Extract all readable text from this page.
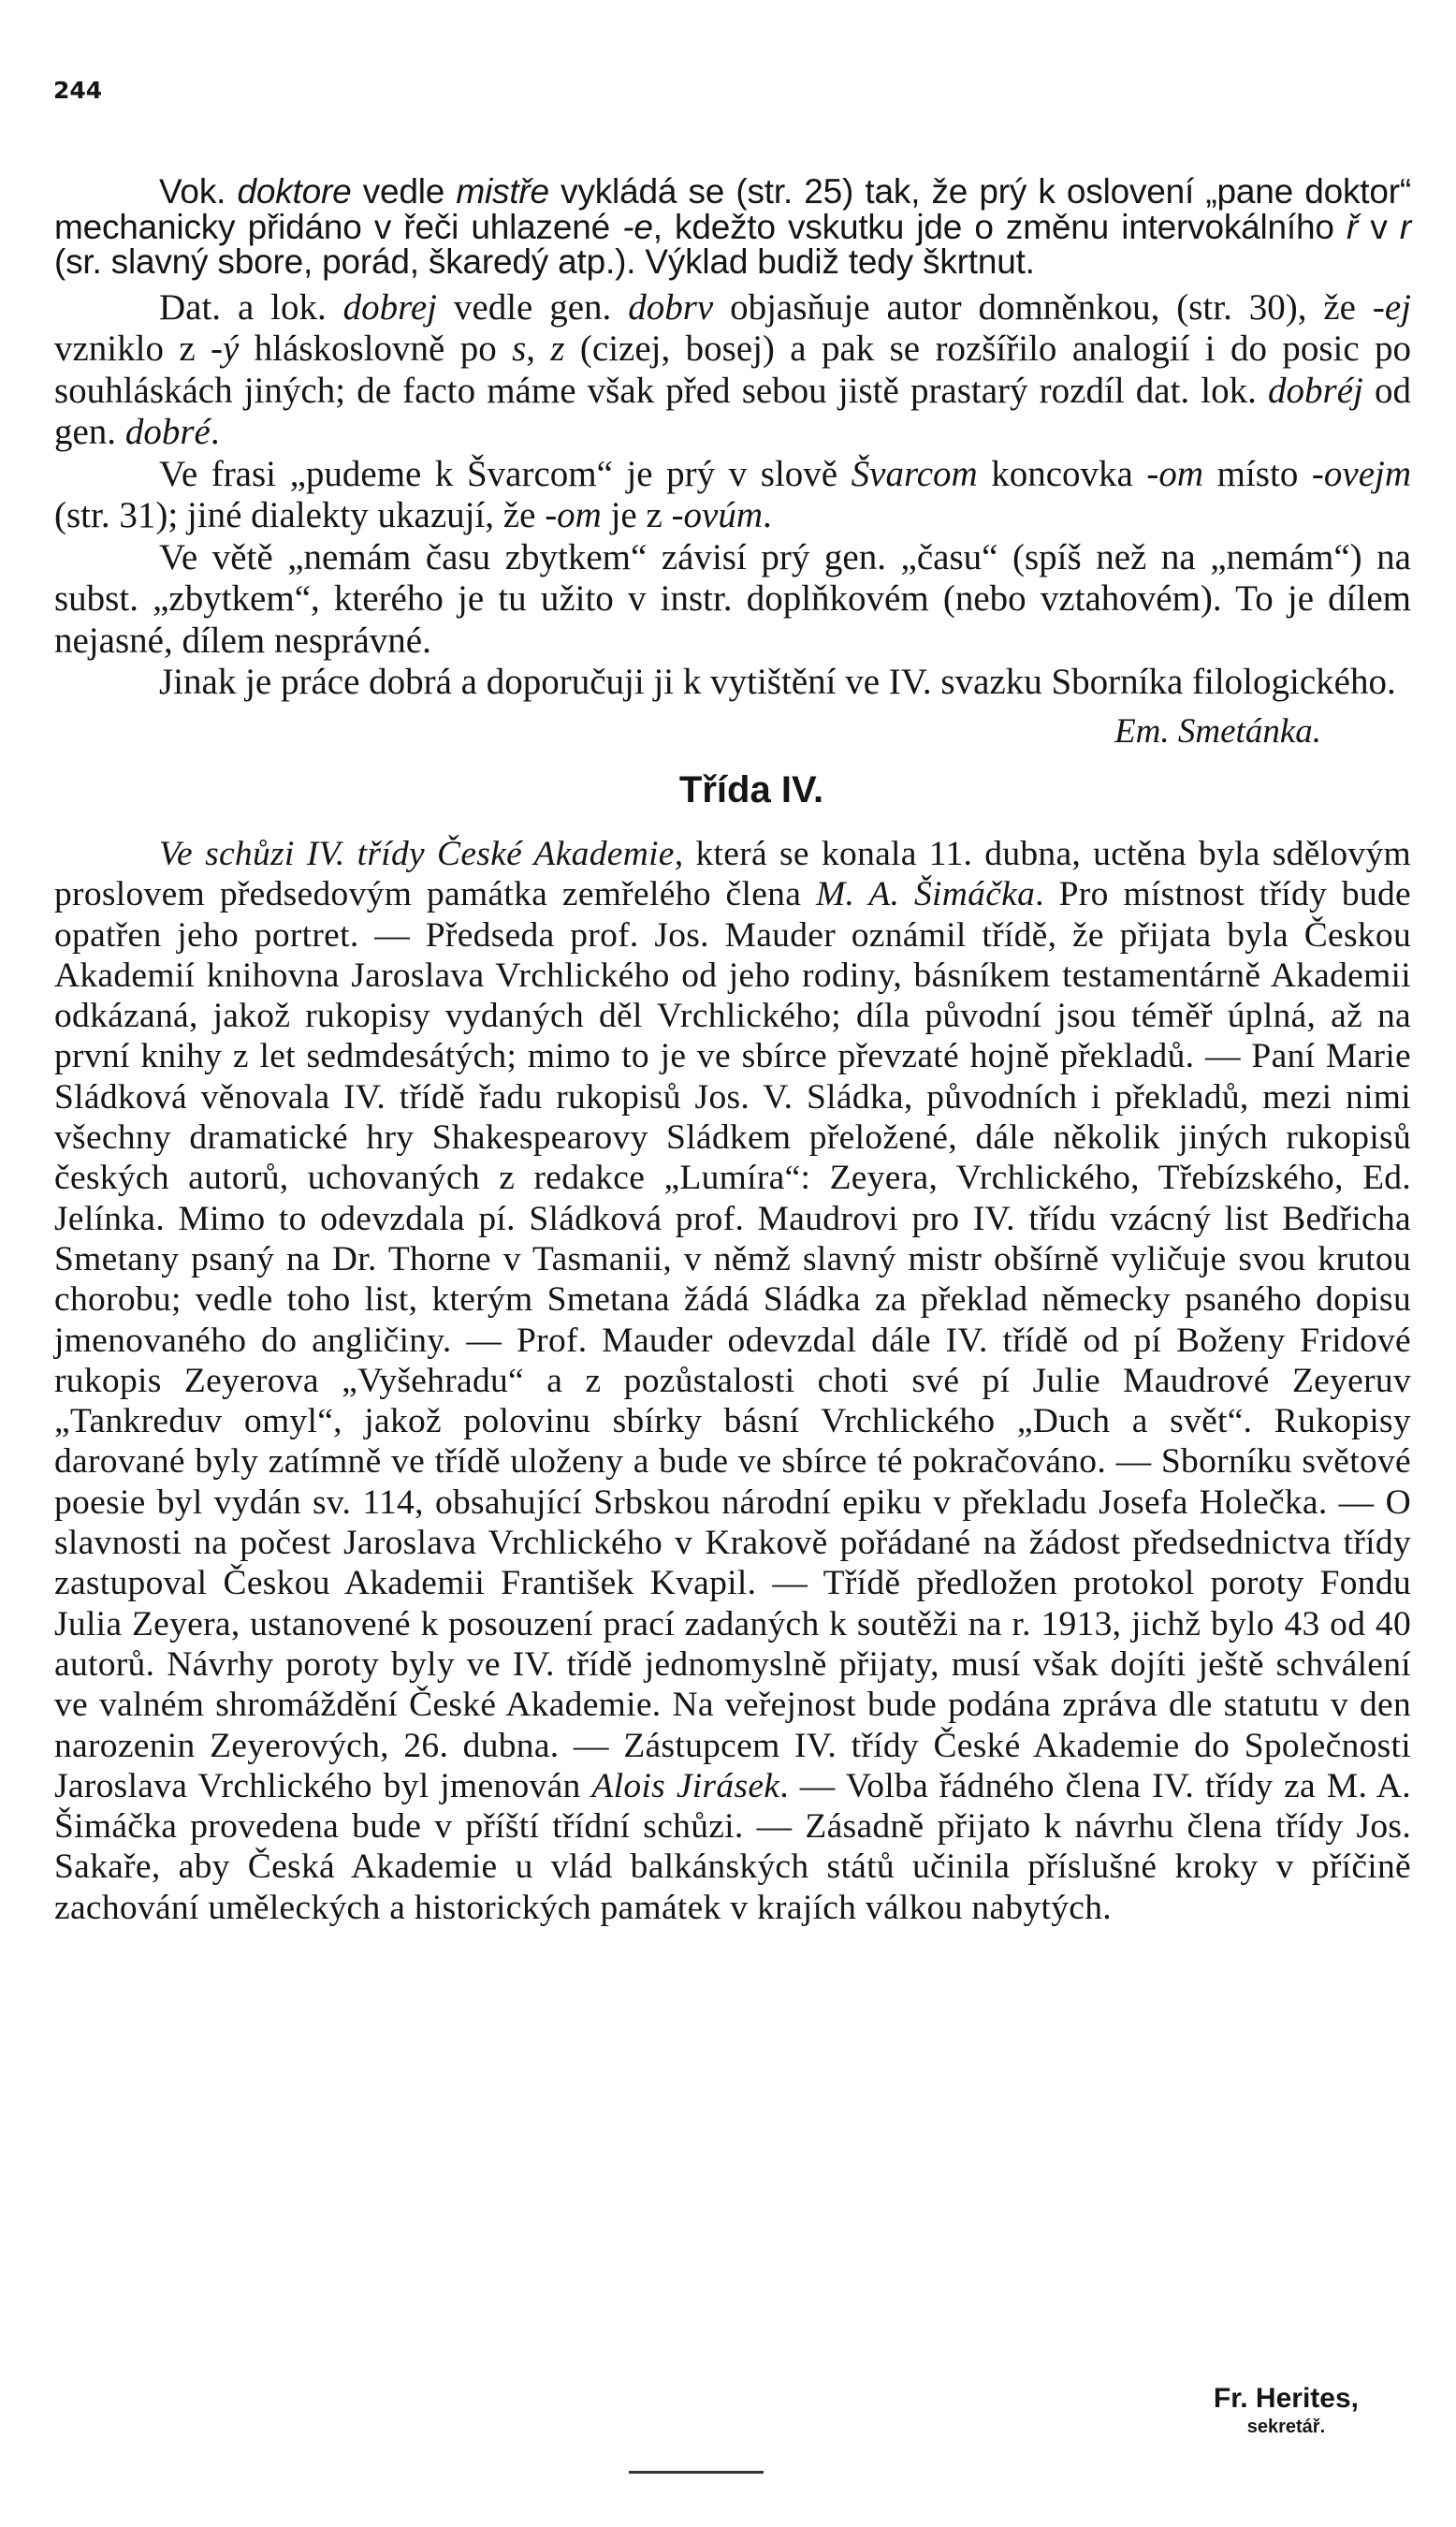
244

Vok. doktore vedle mistře vykládá se (str. 25) tak, že prý k oslovení „pane doktor“ mechanicky přidáno v řeči uhlazené -e, kdežto vskutku jde o změnu intervokálního ř v r (sr. slavný sbore, porád, škaredý atp.). Výklad budiž tedy škrtnut.

Dat. a lok. dobrej vedle gen. dobrv objasňuje autor domněnkou, (str. 30), že -ej vzniklo z -ý hláskoslovně po s, z (cizej, bosej) a pak se rozšířilo analogií i do posic po souhláskách jiných; de facto máme však před sebou jistě prastarý rozdíl dat. lok. dobréj od gen. dobré.

Ve frasi „pudeme k Švarcom“ je prý v slově Švarcom koncovka -om místo -ovejm (str. 31); jiné dialekty ukazují, že -om je z -ovúm.

Ve větě „nemám času zbytkem“ závisí prý gen. „času“ (spíš než na „nemám“) na subst. „zbytkem“, kterého je tu užito v instr. doplňkovém (nebo vztahovém). To je dílem nejasné, dílem nesprávné.

Jinak je práce dobrá a doporučuji ji k vytištění ve IV. svazku Sborníka filologického.

Em. Smetánka.

Třída IV.

Ve schůzi IV. třídy České Akademie, která se konala 11. dubna, uctěna byla sdělovým proslovem předsedovým památka zemřelého člena M. A. Šimáčka. Pro místnost třídy bude opatřen jeho portret. — Předseda prof. Jos. Mauder oznámil třídě, že přijata byla Českou Akademií knihovna Jaroslava Vrchlického od jeho rodiny, básníkem testamentárně Akademii odkázaná, jakož rukopisy vydaných děl Vrchlického; díla původní jsou téměř úplná, až na první knihy z let sedmdesátých; mimo to je ve sbírce převzaté hojně překladů. — Paní Marie Sládková věnovala IV. třídě řadu rukopisů Jos. V. Sládka, původních i překladů, mezi nimi všechny dramatické hry Shakespearovy Sládkem přeložené, dále několik jiných rukopisů českých autorů, uchovaných z redakce „Lumíra“: Zeyera, Vrchlického, Třebízského, Ed. Jelínka. Mimo to odevzdala pí. Sládková prof. Maudrovi pro IV. třídu vzácný list Bedřicha Smetany psaný na Dr. Thorne v Tasmanii, v němž slavný mistr obšírně vyličuje svou krutou chorobu; vedle toho list, kterým Smetana žádá Sládka za překlad německy psaného dopisu jmenovaného do angličiny. — Prof. Mauder odevzdal dále IV. třídě od pí Boženy Fridové rukopis Zeyerova „Vyšehradu“ a z pozůstalosti choti své pí Julie Maudrové Zeyeruv „Tankreduv omyl“, jakož polovinu sbírky básní Vrchlického „Duch a svět“. Rukopisy darované byly zatímně ve třídě uloženy a bude ve sbírce té pokračováno. — Sborníku světové poesie byl vydán sv. 114, obsahující Srbskou národní epiku v překladu Josefa Holečka. — O slavnosti na počest Jaroslava Vrchlického v Krakově pořádané na žádost předsednictva třídy zastupoval Českou Akademii František Kvapil. — Třídě předložen protokol poroty Fondu Julia Zeyera, ustanovené k posouzení prací zadaných k soutěži na r. 1913, jichž bylo 43 od 40 autorů. Návrhy poroty byly ve IV. třídě jednomyslně přijaty, musí však dojíti ještě schválení ve valném shromáždění České Akademie. Na veřejnost bude podána zpráva dle statutu v den narozenin Zeyerových, 26. dubna. — Zástupcem IV. třídy České Akademie do Společnosti Jaroslava Vrchlického byl jmenován Alois Jirásek. — Volba řádného člena IV. třídy za M. A. Šimáčka provedena bude v příští třídní schůzi. — Zásadně přijato k návrhu člena třídy Jos. Sakaře, aby Česká Akademie u vlád balkánských států učinila příslušné kroky v příčině zachování uměleckých a historických památek v krajích válkou nabytých.

Fr. Herites,
sekretář.
